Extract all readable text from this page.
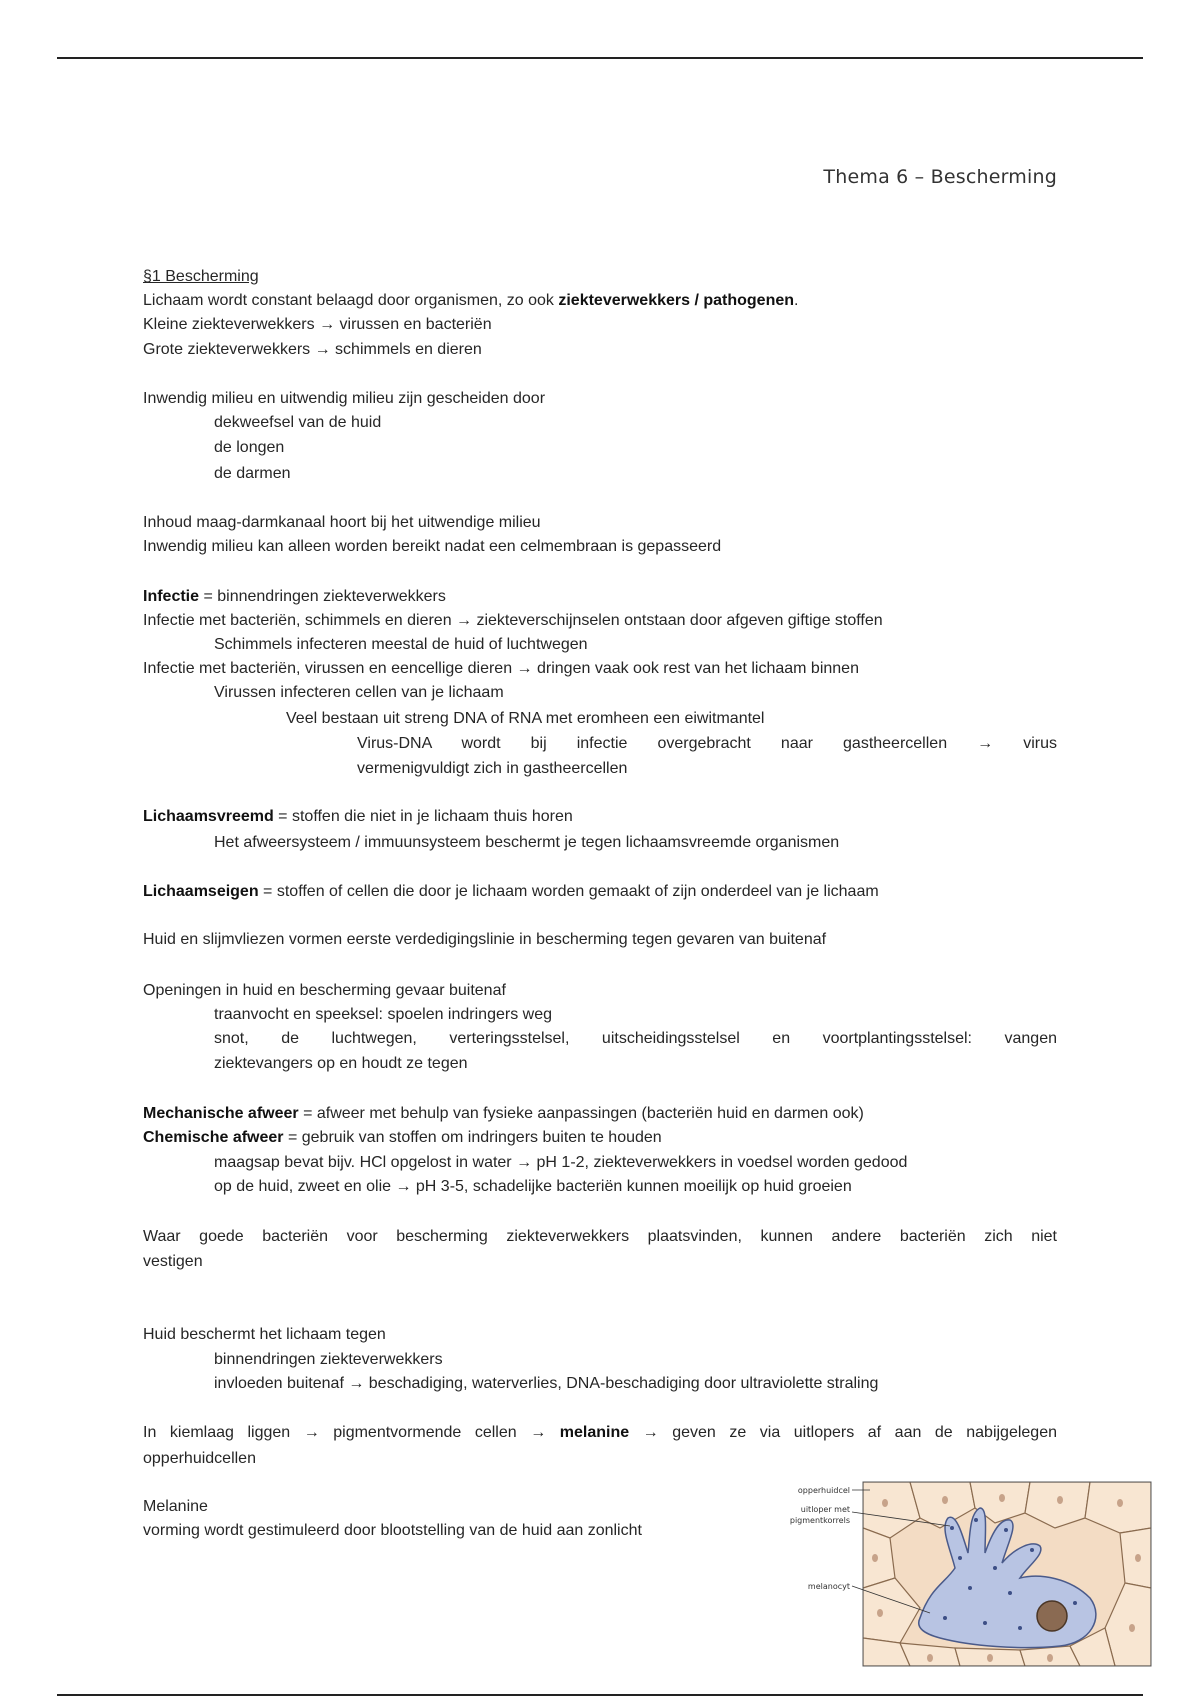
Thema 6 – Bescherming
§1 Bescherming
Lichaam wordt constant belaagd door organismen, zo ook ziekteverwekkers / pathogenen.
Kleine ziekteverwekkers → virussen en bacteriën
Grote ziekteverwekkers → schimmels en dieren
Inwendig milieu en uitwendig milieu zijn gescheiden door
dekweefsel van de huid
de longen
de darmen
Inhoud maag-darmkanaal hoort bij het uitwendige milieu
Inwendig milieu kan alleen worden bereikt nadat een celmembraan is gepasseerd
Infectie = binnendringen ziekteverwekkers
Infectie met bacteriën, schimmels en dieren → ziekteverschijnselen ontstaan door afgeven giftige stoffen
Schimmels infecteren meestal de huid of luchtwegen
Infectie met bacteriën, virussen en eencellige dieren → dringen vaak ook rest van het lichaam binnen
Virussen infecteren cellen van je lichaam
Veel bestaan uit streng DNA of RNA met eromheen een eiwitmantel
Virus-DNA wordt bij infectie overgebracht naar gastheercellen → virus
vermenigvuldigt zich in gastheercellen
Lichaamsvreemd = stoffen die niet in je lichaam thuis horen
Het afweersysteem / immuunsysteem beschermt je tegen lichaamsvreemde organismen
Lichaamseigen = stoffen of cellen die door je lichaam worden gemaakt of zijn onderdeel van je lichaam
Huid en slijmvliezen vormen eerste verdedigingslinie in bescherming tegen gevaren van buitenaf
Openingen in huid en bescherming gevaar buitenaf
traanvocht en speeksel: spoelen indringers weg
snot, de luchtwegen, verteringsstelsel, uitscheidingsstelsel en voortplantingsstelsel: vangen
ziektevangers op en houdt ze tegen
Mechanische afweer = afweer met behulp van fysieke aanpassingen (bacteriën huid en darmen ook)
Chemische afweer = gebruik van stoffen om indringers buiten te houden
maagsap bevat bijv. HCl opgelost in water → pH 1-2, ziekteverwekkers in voedsel worden gedood
op de huid, zweet en olie → pH 3-5, schadelijke bacteriën kunnen moeilijk op huid groeien
Waar goede bacteriën voor bescherming ziekteverwekkers plaatsvinden, kunnen andere bacteriën zich niet
vestigen
Huid beschermt het lichaam tegen
binnendringen ziekteverwekkers
invloeden buitenaf → beschadiging, waterverlies, DNA-beschadiging door ultraviolette straling
In kiemlaag liggen → pigmentvormende cellen → melanine → geven ze via uitlopers af aan de nabijgelegen
opperhuidcellen
Melanine
vorming wordt gestimuleerd door blootstelling van de huid aan zonlicht
opperhuidcel
uitloper met
pigmentkorrels
melanocyt
